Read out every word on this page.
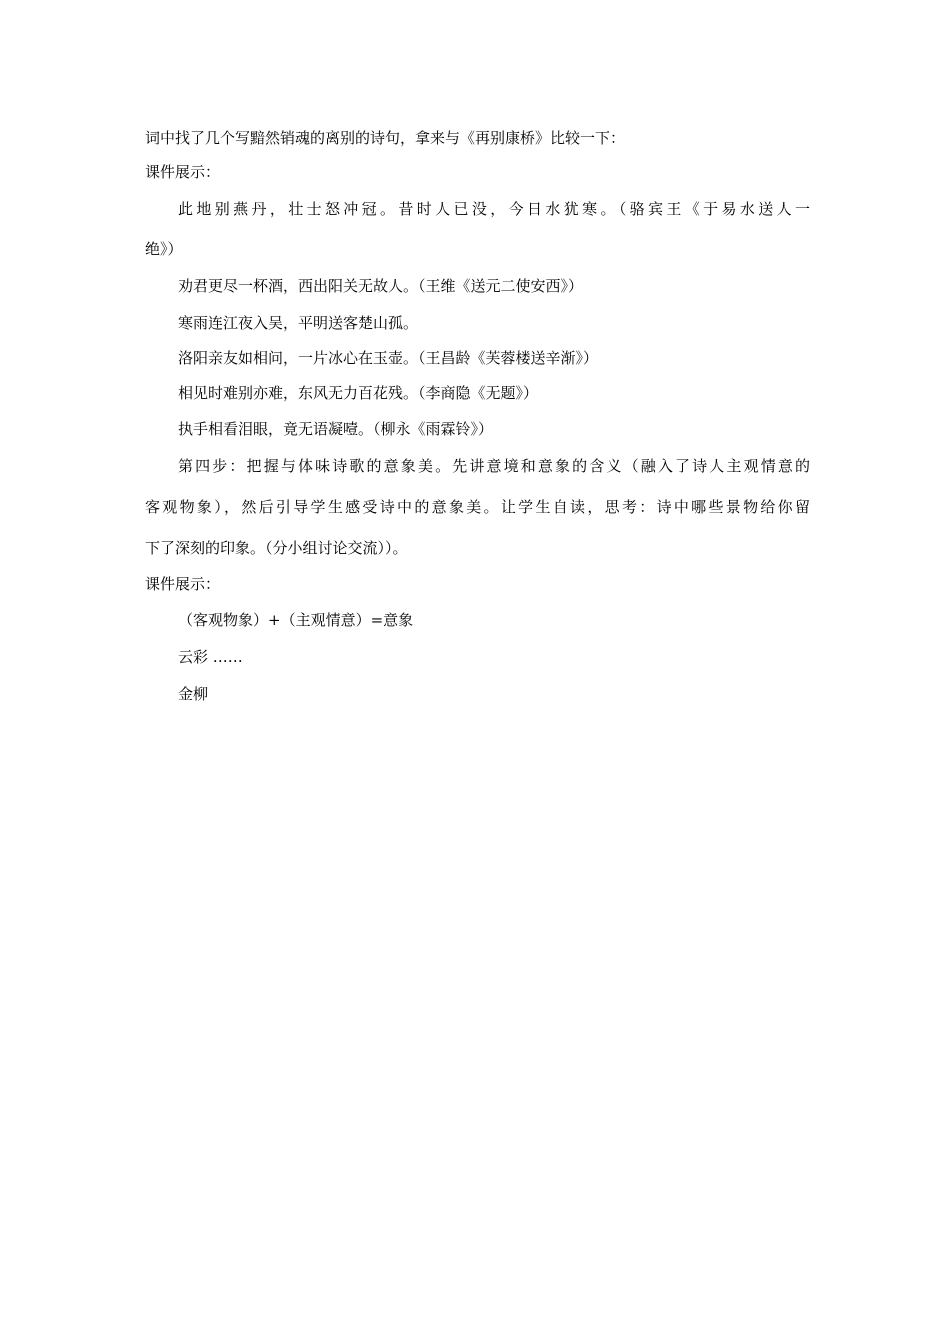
词中找了几个写黯然销魂的离别的诗句，拿来与《再别康桥》比较一下：
课件展示：
此地别燕丹，壮士怒冲冠。昔时人已没，今日水犹寒。（骆宾王《于易水送人一
绝》）
劝君更尽一杯酒，西出阳关无故人。（王维《送元二使安西》）
寒雨连江夜入吴，平明送客楚山孤。
洛阳亲友如相问，一片冰心在玉壶。（王昌龄《芙蓉楼送辛渐》）
相见时难别亦难，东风无力百花残。（李商隐《无题》）
执手相看泪眼，竟无语凝噎。（柳永《雨霖铃》）
第四步：把握与体味诗歌的意象美。先讲意境和意象的含义（融入了诗人主观情意的
客观物象），然后引导学生感受诗中的意象美。让学生自读，思考：诗中哪些景物给你留
下了深刻的印象。（分小组讨论交流））。
课件展示：
（客观物象）+（主观情意）=意象
云彩 ……
金柳
